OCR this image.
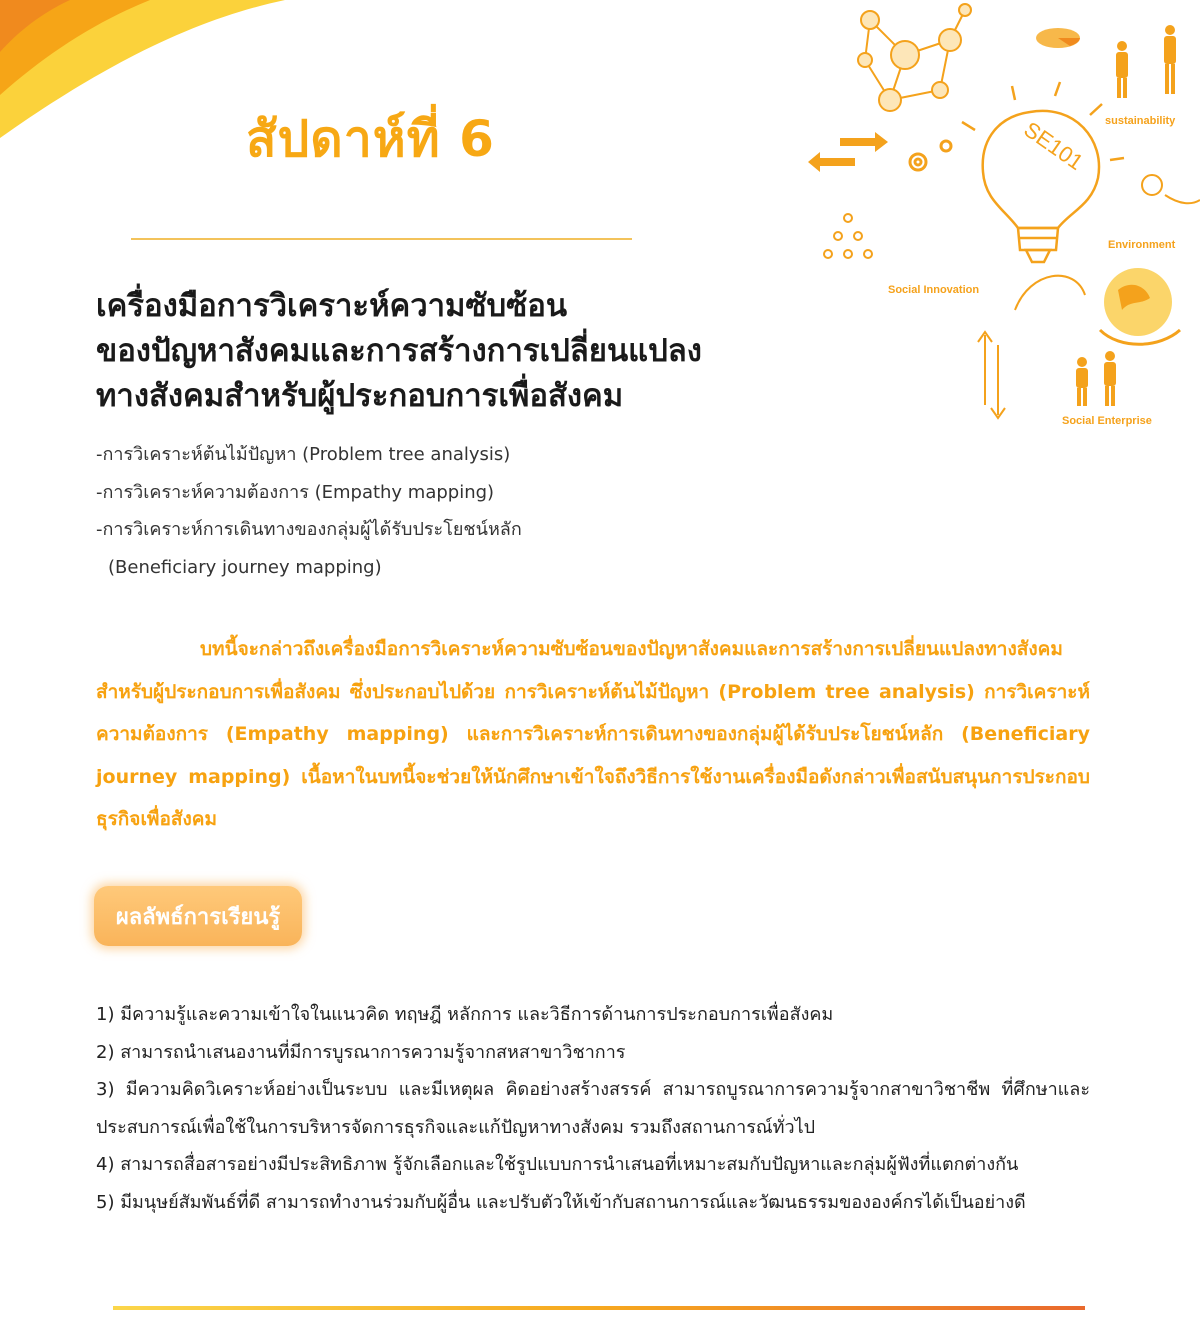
สัปดาห์ที่ 6	sustainability
SE101
Environment
Social Innovation
Social Enterprise
เครื่องมือการวิเคราะห์ความซับซ้อน
ของปัญหาสังคมและการสร้างการเปลี่ยนแปลง
ทางสังคมสำหรับผู้ประกอบการเพื่อสังคม
-การวิเคราะห์ต้นไม้ปัญหา (Problem tree analysis)
-การวิเคราะห์ความต้องการ (Empathy mapping)
-การวิเคราะห์การเดินทางของกลุ่มผู้ได้รับประโยชน์หลัก
(Beneficiary journey mapping)

บทนี้จะกล่าวถึงเครื่องมือการวิเคราะห์ความซับซ้อนของปัญหาสังคมและการสร้างการเปลี่ยนแปลงทางสังคมสำหรับผู้ประกอบการเพื่อสังคม ซึ่งประกอบไปด้วย การวิเคราะห์ต้นไม้ปัญหา (Problem tree analysis) การวิเคราะห์ความต้องการ (Empathy mapping) และการวิเคราะห์การเดินทางของกลุ่มผู้ได้รับประโยชน์หลัก (Beneficiary journey mapping) เนื้อหาในบทนี้จะช่วยให้นักศึกษาเข้าใจถึงวิธีการใช้งานเครื่องมือดังกล่าวเพื่อสนับสนุนการประกอบธุรกิจเพื่อสังคม

ผลลัพธ์การเรียนรู้
1) มีความรู้และความเข้าใจในแนวคิด ทฤษฎี หลักการ และวิธีการด้านการประกอบการเพื่อสังคม
2) สามารถนำเสนองานที่มีการบูรณาการความรู้จากสหสาขาวิชาการ
3) มีความคิดวิเคราะห์อย่างเป็นระบบ และมีเหตุผล คิดอย่างสร้างสรรค์ สามารถบูรณาการความรู้จากสาขาวิชาชีพ ที่ศึกษาและประสบการณ์เพื่อใช้ในการบริหารจัดการธุรกิจและแก้ปัญหาทางสังคม รวมถึงสถานการณ์ทั่วไป
4) สามารถสื่อสารอย่างมีประสิทธิภาพ รู้จักเลือกและใช้รูปแบบการนำเสนอที่เหมาะสมกับปัญหาและกลุ่มผู้ฟังที่แตกต่างกัน
5) มีมนุษย์สัมพันธ์ที่ดี สามารถทำงานร่วมกับผู้อื่น และปรับตัวให้เข้ากับสถานการณ์และวัฒนธรรมขององค์กรได้เป็นอย่างดี
